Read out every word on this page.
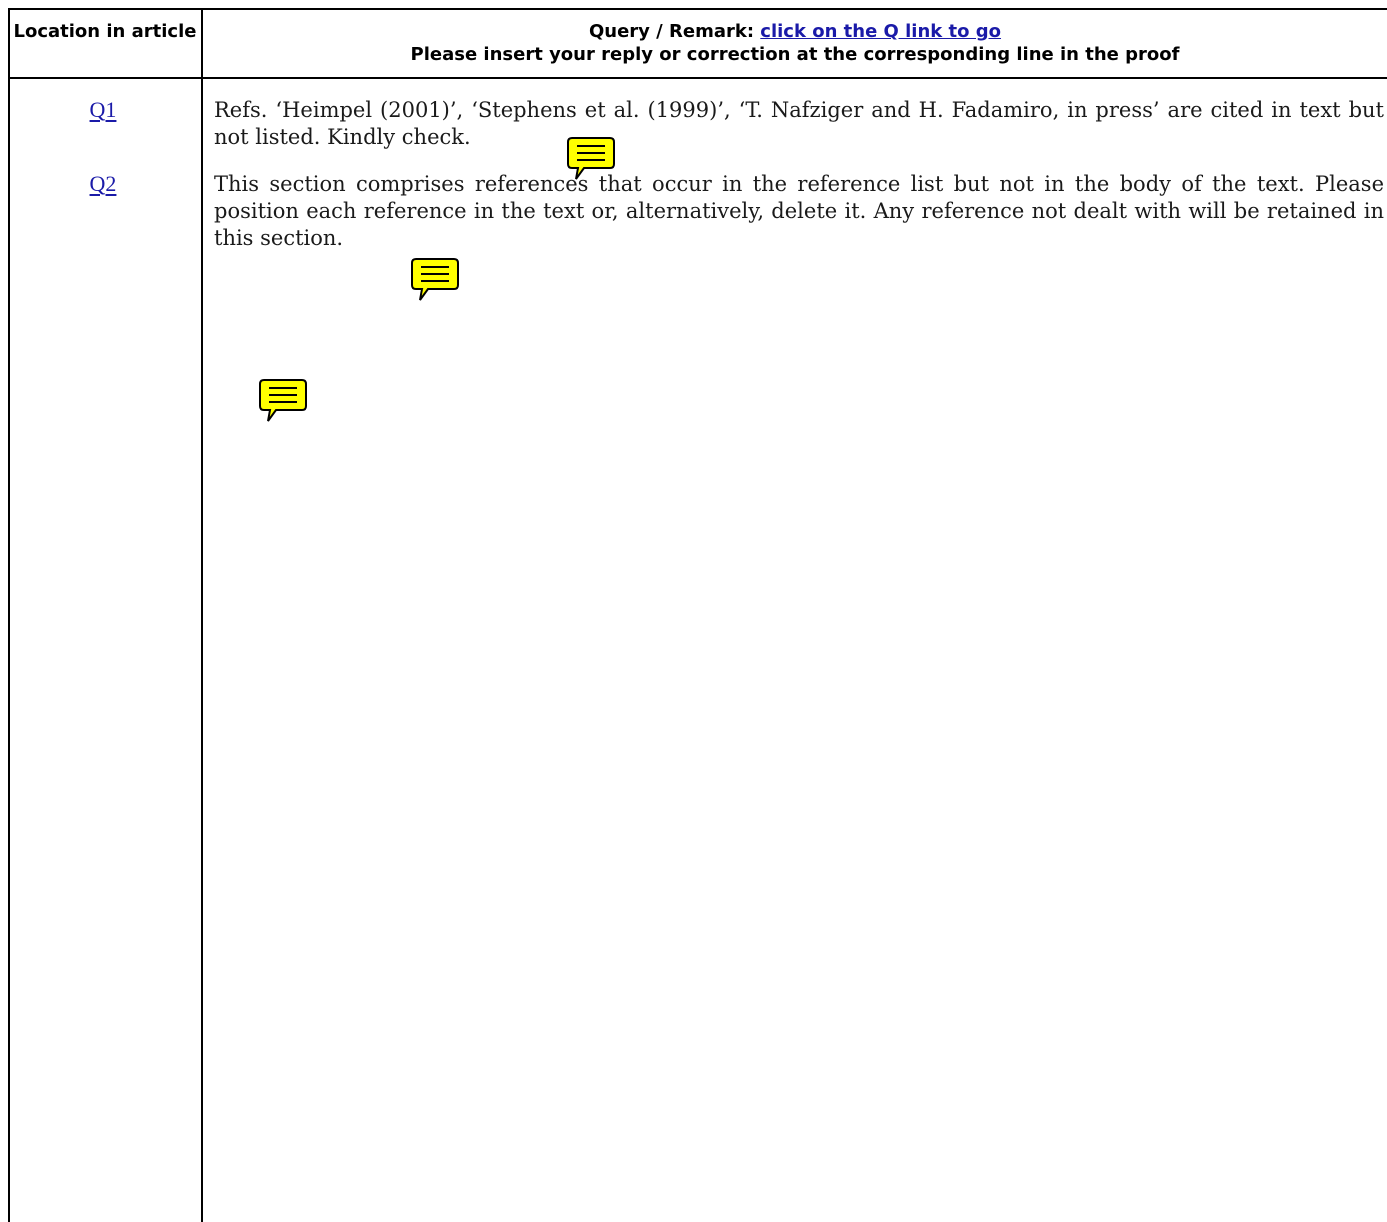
Location in article	Query / Remark: click on the Q link to go
Please insert your reply or correction at the corresponding line in the proof
Q1	Refs. ‘Heimpel (2001)’, ‘Stephens et al. (1999)’, ‘T. Nafziger and H. Fadamiro, in press’ are cited in text but not listed. Kindly check.
Q2	This section comprises references that occur in the reference list but not in the body of the text. Please position each reference in the text or, alternatively, delete it. Any reference not dealt with will be retained in this section.
